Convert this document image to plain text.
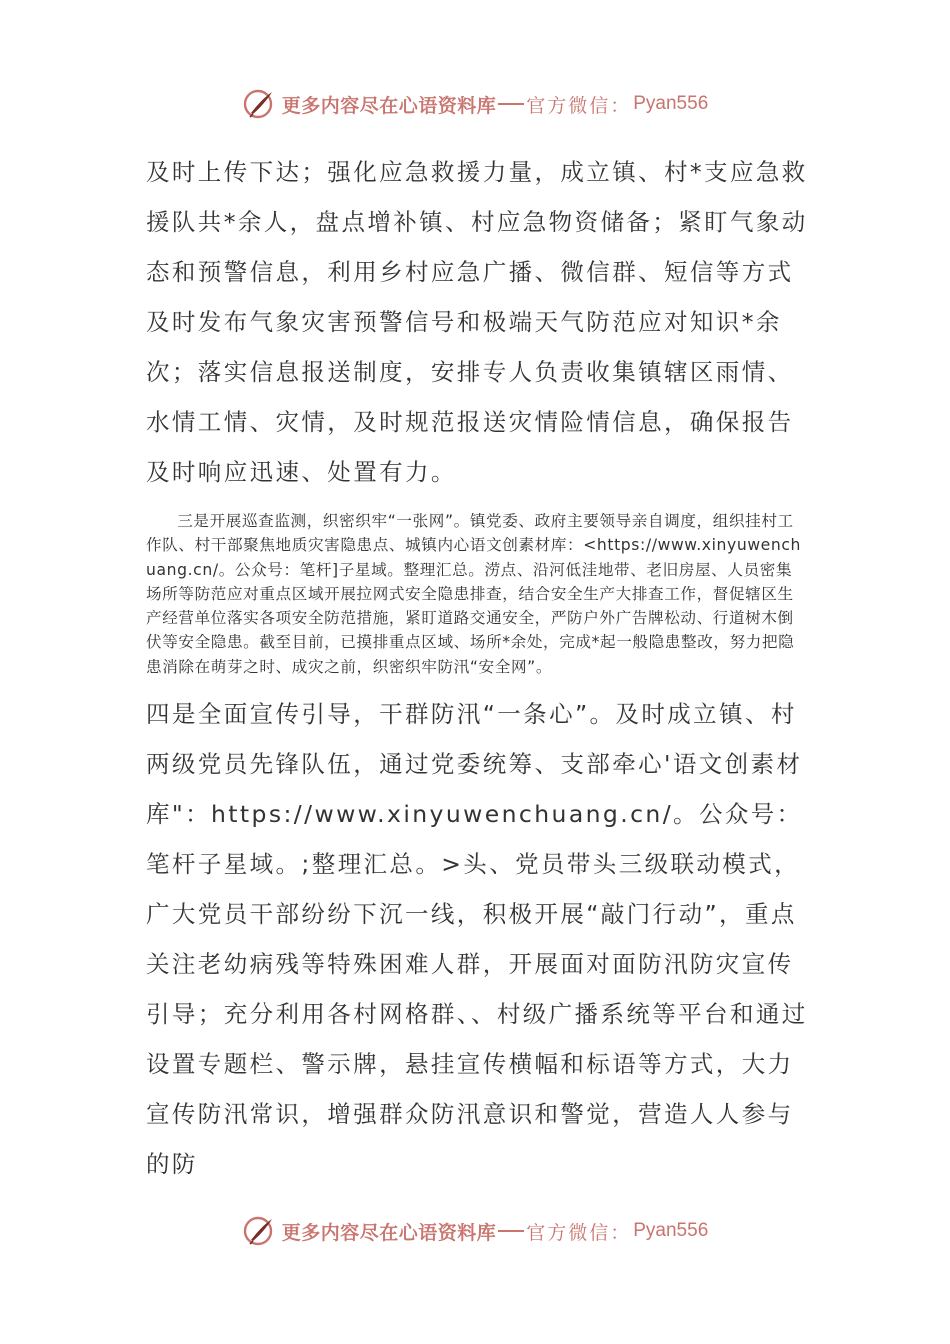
更多内容尽在心语资料库 官方微信： Pyan556

及时上传下达；强化应急救援力量，成立镇、村*支应急救援队共*余人，盘点增补镇、村应急物资储备；紧盯气象动态和预警信息，利用乡村应急广播、微信群、短信等方式及时发布气象灾害预警信号和极端天气防范应对知识*余次；落实信息报送制度，安排专人负责收集镇辖区雨情、水情工情、灾情，及时规范报送灾情险情信息，确保报告及时响应迅速、处置有力。

三是开展巡查监测，织密织牢“一张网”。镇党委、政府主要领导亲自调度，组织挂村工作队、村干部聚焦地质灾害隐患点、城镇内心语文创素材库：<https://www.xinyuwenchuang.cn/。公众号：笔杆]子星域。整理汇总。涝点、沿河低洼地带、老旧房屋、人员密集场所等防范应对重点区域开展拉网式安全隐患排查，结合安全生产大排查工作，督促辖区生产经营单位落实各项安全防范措施，紧盯道路交通安全，严防户外广告牌松动、行道树木倒伏等安全隐患。截至目前，已摸排重点区域、场所*余处，完成*起一般隐患整改，努力把隐患消除在萌芽之时、成灾之前，织密织牢防汛“安全网”。

四是全面宣传引导，干群防汛“一条心”。及时成立镇、村两级党员先锋队伍，通过党委统筹、支部牵心'语文创素材库"：https://www.xinyuwenchuang.cn/。公众号：笔杆子星域。;整理汇总。>头、党员带头三级联动模式，广大党员干部纷纷下沉一线，积极开展“敲门行动”，重点关注老幼病残等特殊困难人群，开展面对面防汛防灾宣传引导；充分利用各村网格群、、村级广播系统等平台和通过设置专题栏、警示牌，悬挂宣传横幅和标语等方式，大力宣传防汛常识，增强群众防汛意识和警觉，营造人人参与的防

更多内容尽在心语资料库 官方微信： Pyan556
